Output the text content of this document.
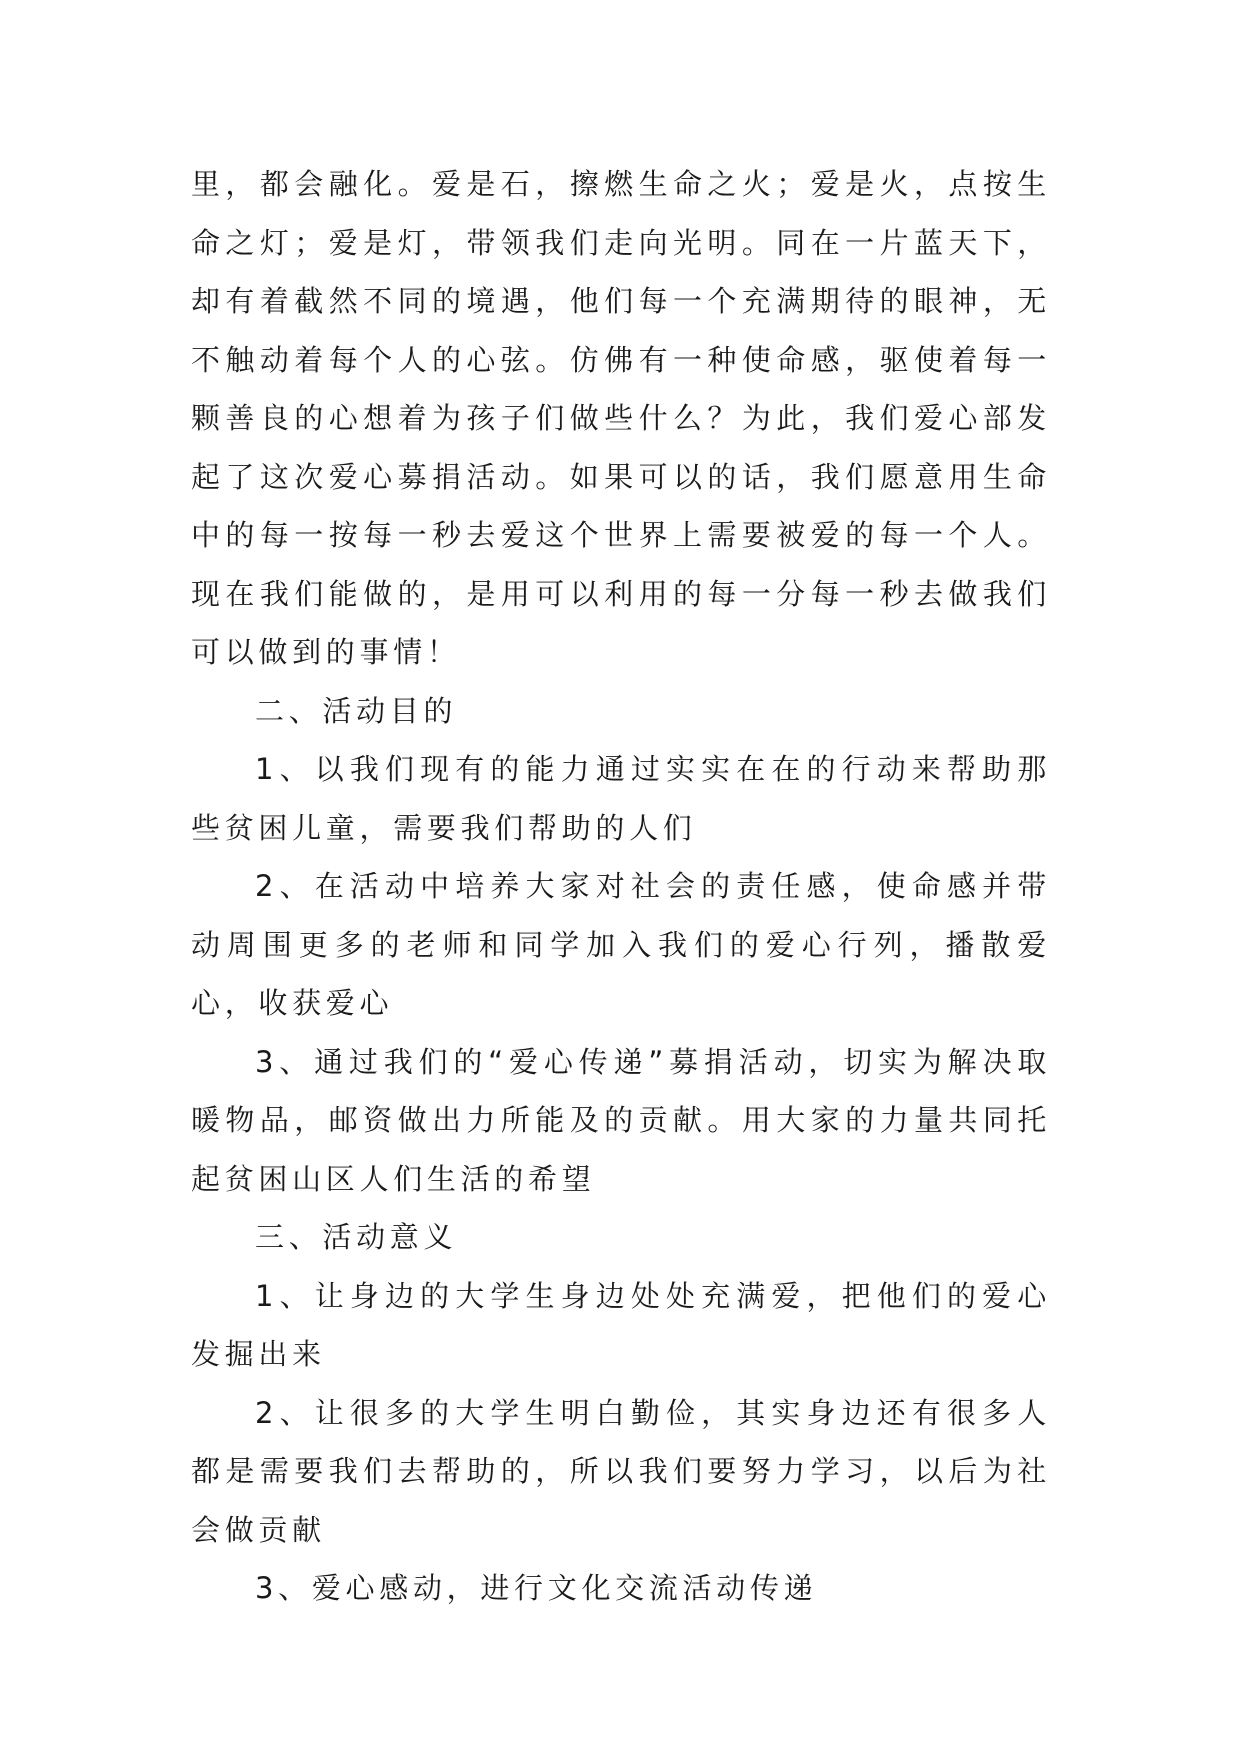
里，都会融化。爱是石，擦燃生命之火；爱是火，点按生命之灯；爱是灯，带领我们走向光明。同在一片蓝天下，却有着截然不同的境遇，他们每一个充满期待的眼神，无不触动着每个人的心弦。仿佛有一种使命感，驱使着每一颗善良的心想着为孩子们做些什么？为此，我们爱心部发起了这次爱心募捐活动。如果可以的话，我们愿意用生命中的每一按每一秒去爱这个世界上需要被爱的每一个人。现在我们能做的，是用可以利用的每一分每一秒去做我们可以做到的事情！

二、活动目的

1、以我们现有的能力通过实实在在的行动来帮助那些贫困儿童，需要我们帮助的人们

2、在活动中培养大家对社会的责任感，使命感并带动周围更多的老师和同学加入我们的爱心行列，播散爱心，收获爱心

3、通过我们的“爱心传递”募捐活动，切实为解决取暖物品，邮资做出力所能及的贡献。用大家的力量共同托起贫困山区人们生活的希望

三、活动意义

1、让身边的大学生身边处处充满爱，把他们的爱心发掘出来

2、让很多的大学生明白勤俭，其实身边还有很多人都是需要我们去帮助的，所以我们要努力学习，以后为社会做贡献

3、爱心感动，进行文化交流活动传递
